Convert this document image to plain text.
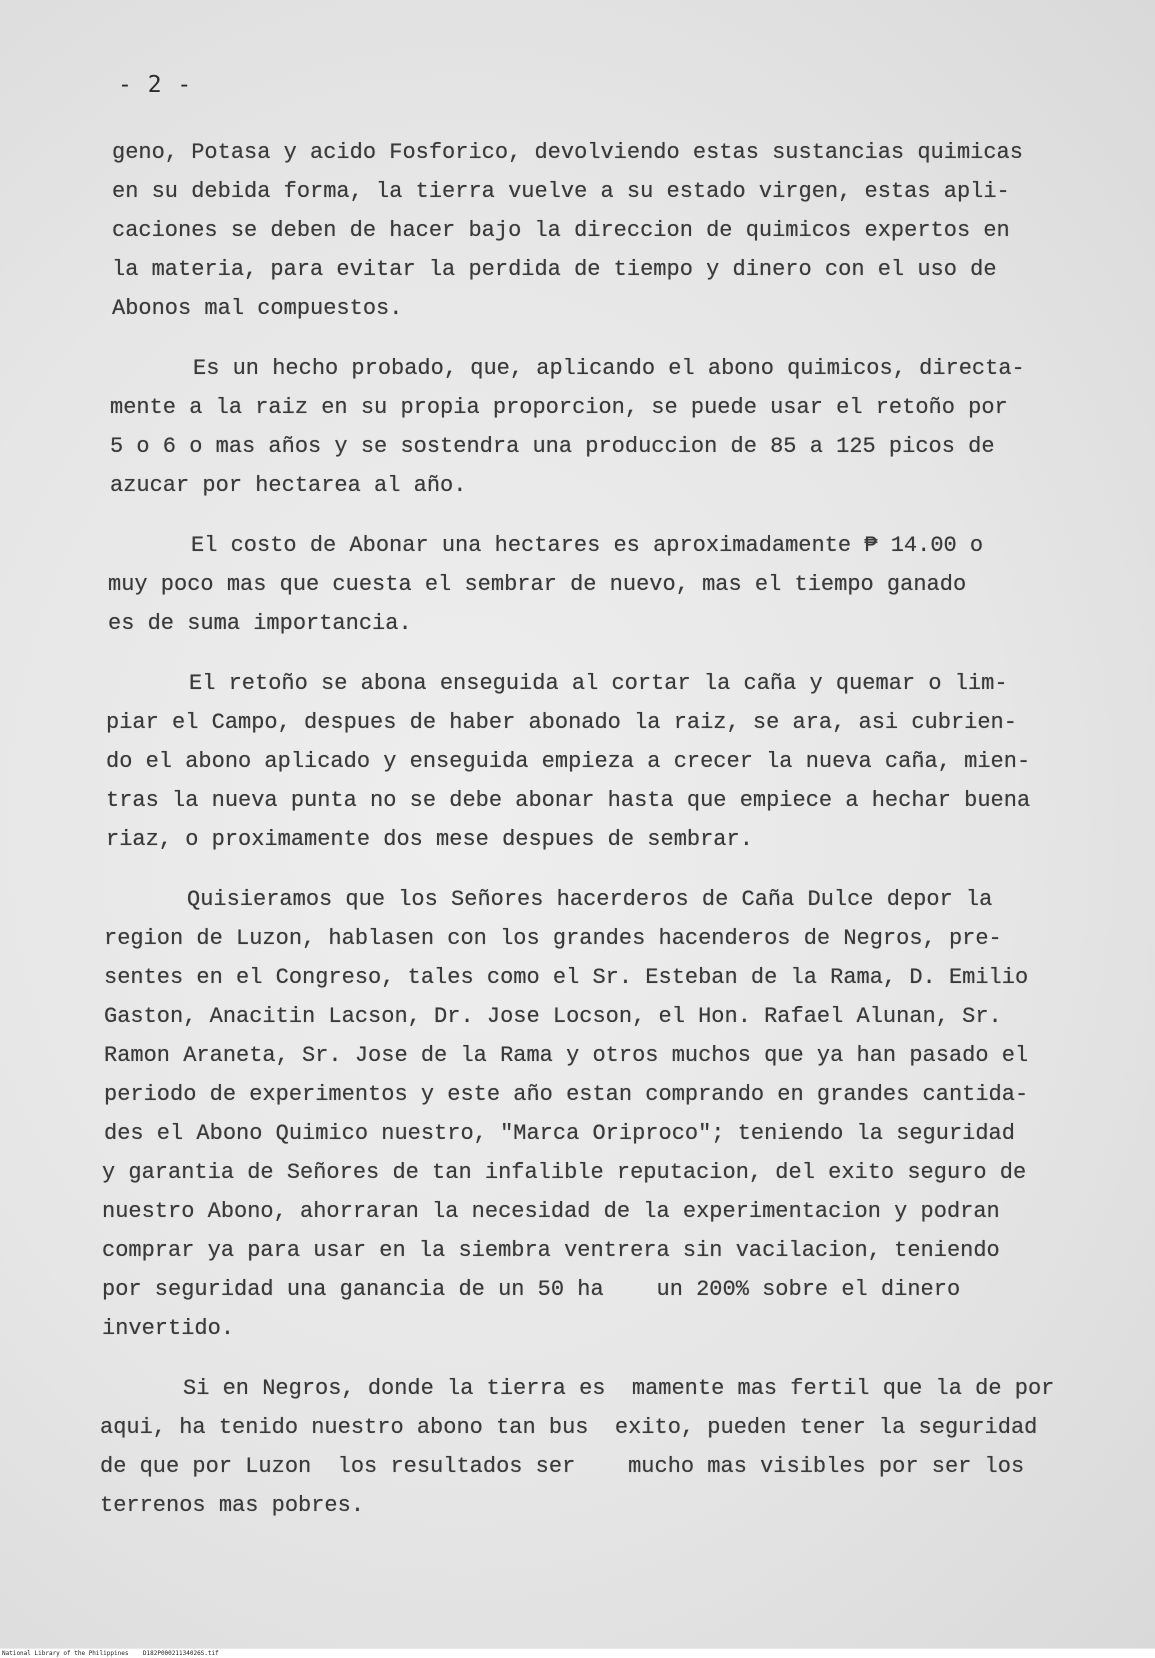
- 2 -
geno, Potasa y acido Fosforico, devolviendo estas sustancias quimicas
en su debida forma, la tierra vuelve a su estado virgen, estas apli-
caciones se deben de hacer bajo la direccion de quimicos expertos en
la materia, para evitar la perdida de tiempo y dinero con el uso de
Abonos mal compuestos.
Es un hecho probado, que, aplicando el abono quimicos, directa-
mente a la raiz en su propia proporcion, se puede usar el retoño por
5 o 6 o mas años y se sostendra una produccion de 85 a 125 picos de
azucar por hectarea al año.
El costo de Abonar una hectares es aproximadamente ₱ 14.00 o
muy poco mas que cuesta el sembrar de nuevo, mas el tiempo ganado
es de suma importancia.
El retoño se abona enseguida al cortar la caña y quemar o lim-
piar el Campo, despues de haber abonado la raiz, se ara, asi cubrien-
do el abono aplicado y enseguida empieza a crecer la nueva caña, mien-
tras la nueva punta no se debe abonar hasta que empiece a hechar buena
riaz, o proximamente dos mese despues de sembrar.
Quisieramos que los Señores hacerderos de Caña Dulce depor la
region de Luzon, hablasen con los grandes hacenderos de Negros, pre-
sentes en el Congreso, tales como el Sr. Esteban de la Rama, D. Emilio
Gaston, Anacitin Lacson, Dr. Jose Locson, el Hon. Rafael Alunan, Sr.
Ramon Araneta, Sr. Jose de la Rama y otros muchos que ya han pasado el
periodo de experimentos y este año estan comprando en grandes cantida-
des el Abono Quimico nuestro, "Marca Oriproco"; teniendo la seguridad
y garantia de Señores de tan infalible reputacion, del exito seguro de
nuestro Abono, ahorraran la necesidad de la experimentacion y podran
comprar ya para usar en la siembra ventrera sin vacilacion, teniendo
por seguridad una ganancia de un 50 ha    un 200% sobre el dinero
invertido.
Si en Negros, donde la tierra es  mamente mas fertil que la de por
aqui, ha tenido nuestro abono tan bus  exito, pueden tener la seguridad
de que por Luzon  los resultados ser    mucho mas visibles por ser los
terrenos mas pobres.
National Library of the Philippines    D182P00021134026S.tif
